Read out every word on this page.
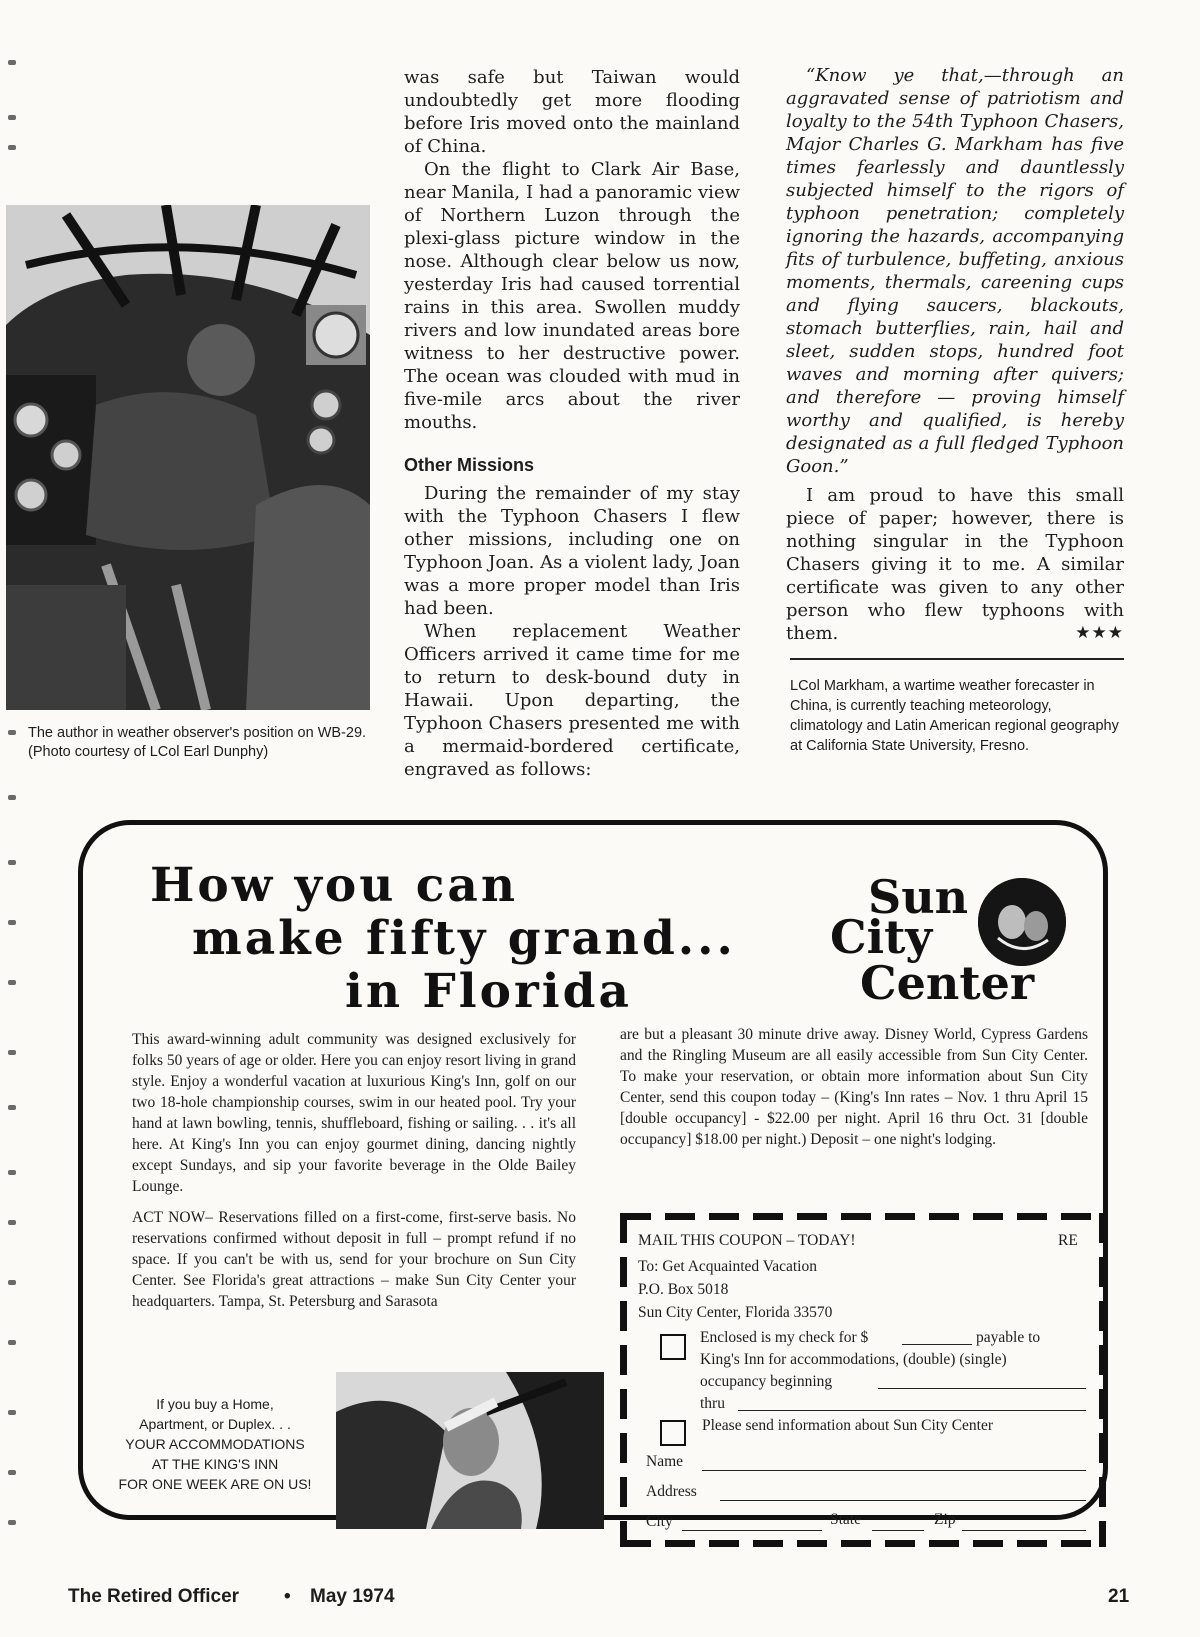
The author in weather observer's position on WB-29. (Photo courtesy of LCol Earl Dunphy)

was safe but Taiwan would undoubtedly get more flooding before Iris moved onto the mainland of China.

On the flight to Clark Air Base, near Manila, I had a panoramic view of Northern Luzon through the plexi-glass picture window in the nose. Although clear below us now, yesterday Iris had caused torrential rains in this area. Swollen muddy rivers and low inundated areas bore witness to her destructive power. The ocean was clouded with mud in five-mile arcs about the river mouths.

Other Missions

During the remainder of my stay with the Typhoon Chasers I flew other missions, including one on Typhoon Joan. As a violent lady, Joan was a more proper model than Iris had been.

When replacement Weather Officers arrived it came time for me to return to desk-bound duty in Hawaii. Upon departing, the Typhoon Chasers presented me with a mermaid-bordered certificate, engraved as follows:

“Know ye that,—through an aggravated sense of patriotism and loyalty to the 54th Typhoon Chasers, Major Charles G. Markham has five times fearlessly and dauntlessly subjected himself to the rigors of typhoon penetration; completely ignoring the hazards, accompanying fits of turbulence, buffeting, anxious moments, thermals, careening cups and flying saucers, blackouts, stomach butterflies, rain, hail and sleet, sudden stops, hundred foot waves and morning after quivers; and therefore — proving himself worthy and qualified, is hereby designated as a full fledged Typhoon Goon.”

I am proud to have this small piece of paper; however, there is nothing singular in the Typhoon Chasers giving it to me. A similar certificate was given to any other person who flew typhoons with them.	★★★

LCol Markham, a wartime weather forecaster in China, is currently teaching meteorology, climatology and Latin American regional geography at California State University, Fresno.
How you can
make fifty grand...
in Florida
Sun
City
Center

This award-winning adult community was designed exclusively for folks 50 years of age or older. Here you can enjoy resort living in grand style. Enjoy a wonderful vacation at luxurious King's Inn, golf on our two 18-hole championship courses, swim in our heated pool. Try your hand at lawn bowling, tennis, shuffleboard, fishing or sailing. . . it's all here. At King's Inn you can enjoy gourmet dining, dancing nightly except Sundays, and sip your favorite beverage in the Olde Bailey Lounge.

ACT NOW– Reservations filled on a first-come, first-serve basis. No reservations confirmed without deposit in full – prompt refund if no space. If you can't be with us, send for your brochure on Sun City Center. See Florida's great attractions – make Sun City Center your headquarters. Tampa, St. Petersburg and Sarasota

are but a pleasant 30 minute drive away. Disney World, Cypress Gardens and the Ringling Museum are all easily accessible from Sun City Center. To make your reservation, or obtain more information about Sun City Center, send this coupon today – (King's Inn rates – Nov. 1 thru April 15 [double occupancy] - $22.00 per night. April 16 thru Oct. 31 [double occupancy] $18.00 per night.) Deposit – one night's lodging.

If you buy a Home,
Apartment, or Duplex. . .
YOUR ACCOMMODATIONS
AT THE KING'S INN
FOR ONE WEEK ARE ON US!
MAIL THIS COUPON – TODAY!	RE
To: Get Acquainted Vacation
P.O. Box 5018
Sun City Center, Florida 33570
Enclosed is my check for $	payable to
King's Inn for accommodations, (double) (single)
occupancy beginning
thru
Please send information about Sun City Center
Name
Address
City	State	Zip
The Retired Officer • May 1974	21
